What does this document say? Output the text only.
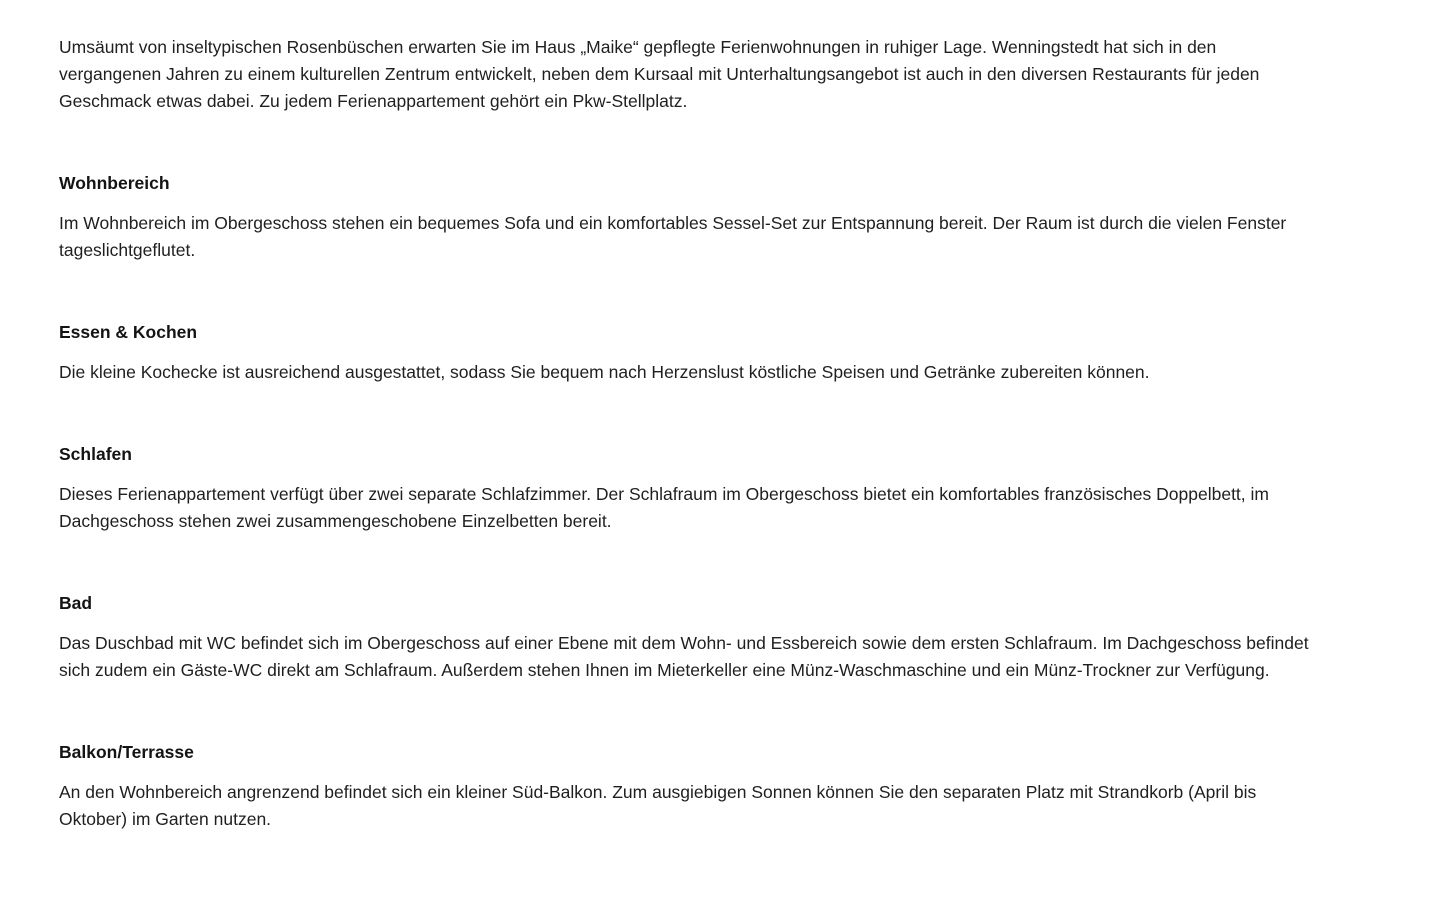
Umsäumt von inseltypischen Rosenbüschen erwarten Sie im Haus „Maike“ gepflegte Ferienwohnungen in ruhiger Lage. Wenningstedt hat sich in den
vergangenen Jahren zu einem kulturellen Zentrum entwickelt, neben dem Kursaal mit Unterhaltungsangebot ist auch in den diversen Restaurants für jeden
Geschmack etwas dabei. Zu jedem Ferienappartement gehört ein Pkw-Stellplatz.

Wohnbereich

Im Wohnbereich im Obergeschoss stehen ein bequemes Sofa und ein komfortables Sessel-Set zur Entspannung bereit. Der Raum ist durch die vielen Fenster
tageslichtgeflutet.

Essen & Kochen

Die kleine Kochecke ist ausreichend ausgestattet, sodass Sie bequem nach Herzenslust köstliche Speisen und Getränke zubereiten können.

Schlafen

Dieses Ferienappartement verfügt über zwei separate Schlafzimmer. Der Schlafraum im Obergeschoss bietet ein komfortables französisches Doppelbett, im
Dachgeschoss stehen zwei zusammengeschobene Einzelbetten bereit.

Bad

Das Duschbad mit WC befindet sich im Obergeschoss auf einer Ebene mit dem Wohn- und Essbereich sowie dem ersten Schlafraum. Im Dachgeschoss befindet
sich zudem ein Gäste-WC direkt am Schlafraum. Außerdem stehen Ihnen im Mieterkeller eine Münz-Waschmaschine und ein Münz-Trockner zur Verfügung.

Balkon/Terrasse

An den Wohnbereich angrenzend befindet sich ein kleiner Süd-Balkon. Zum ausgiebigen Sonnen können Sie den separaten Platz mit Strandkorb (April bis
Oktober) im Garten nutzen.
